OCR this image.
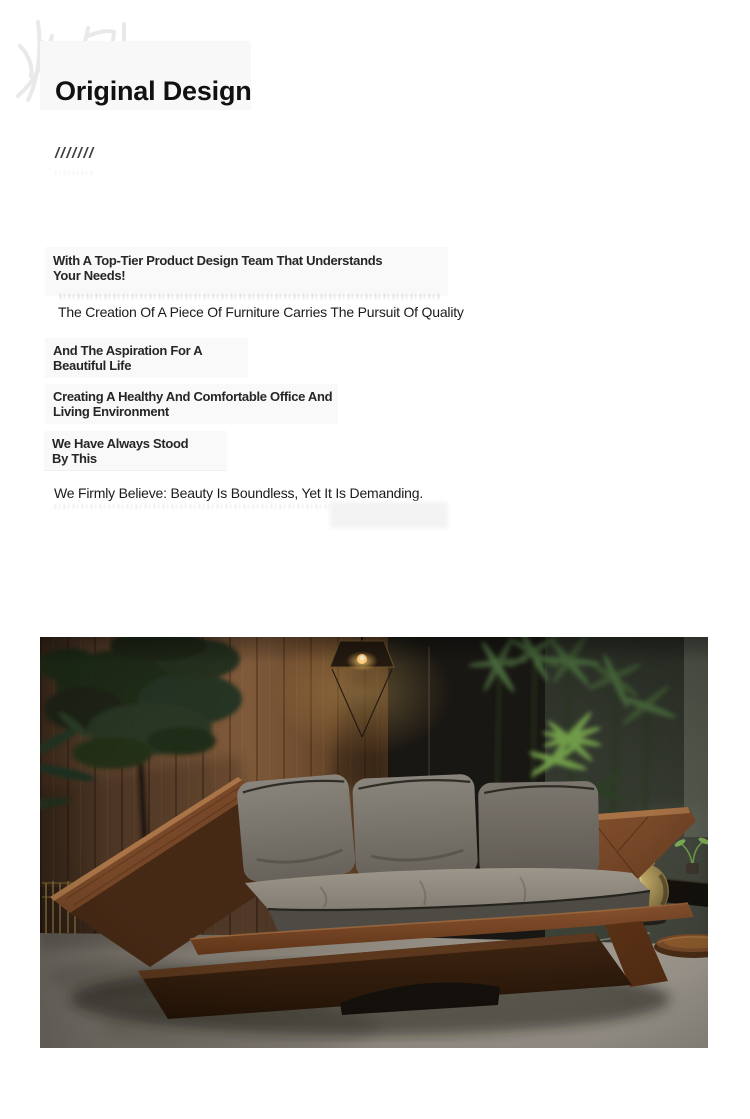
Original Design
///////
With A Top-Tier Product Design Team That Understands
Your Needs!
The Creation Of A Piece Of Furniture Carries The Pursuit Of Quality
And The Aspiration For A
Beautiful Life
Creating A Healthy And Comfortable Office And
Living Environment
We Have Always Stood
By This
We Firmly Believe: Beauty Is Boundless, Yet It Is Demanding.
